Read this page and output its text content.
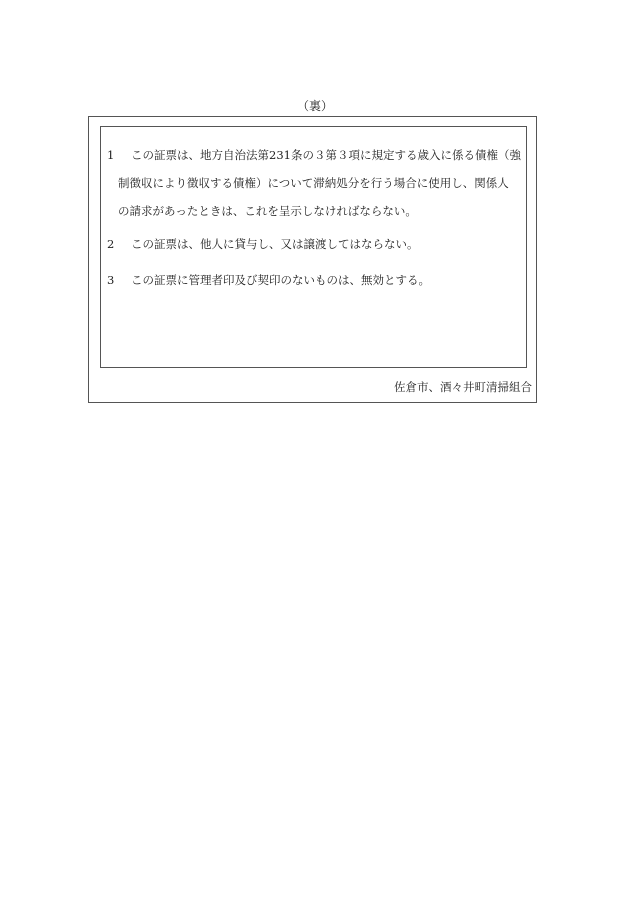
（裏）
1 この証票は、地方自治法第231条の３第３項に規定する歳入に係る債権（強
制徴収により徴収する債権）について滞納処分を行う場合に使用し、関係人
の請求があったときは、これを呈示しなければならない。
2 この証票は、他人に貸与し、又は譲渡してはならない。
3 この証票に管理者印及び契印のないものは、無効とする。
佐倉市、酒々井町清掃組合
